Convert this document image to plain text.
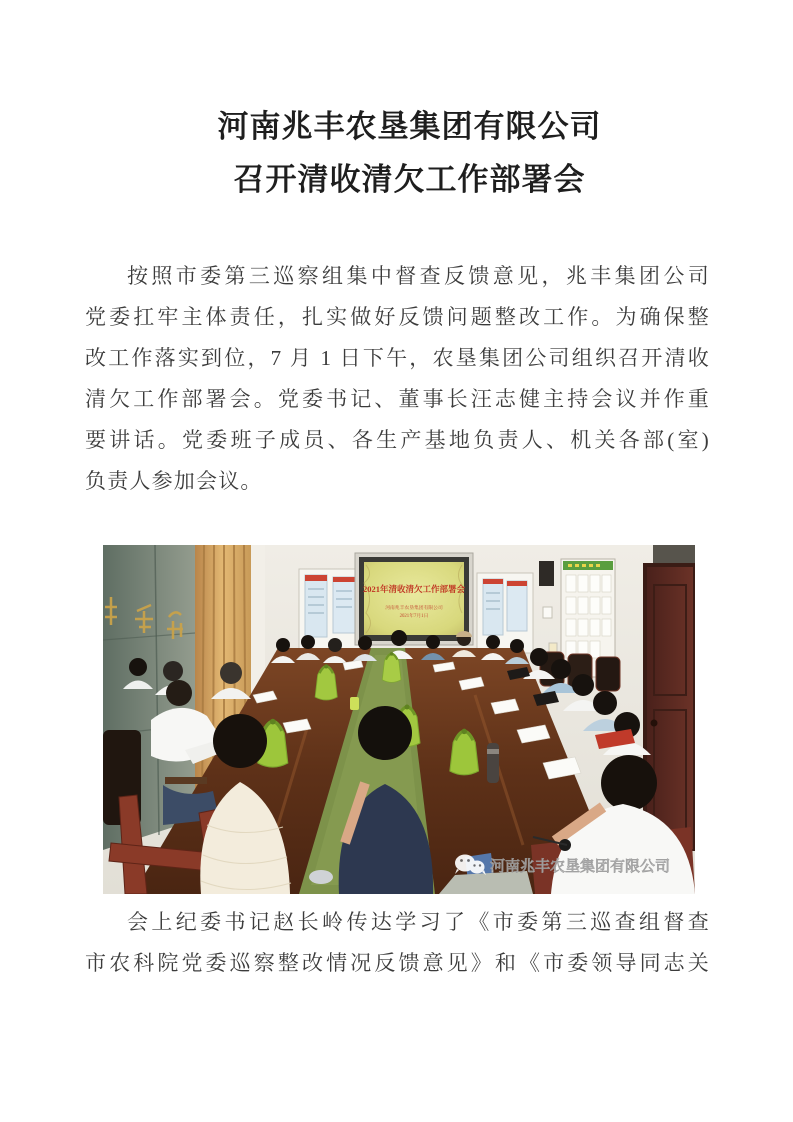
河南兆丰农垦集团有限公司
召开清收清欠工作部署会
按照市委第三巡察组集中督查反馈意见，兆丰集团公司
党委扛牢主体责任，扎实做好反馈问题整改工作。为确保整
改工作落实到位，7 月 1 日下午，农垦集团公司组织召开清收
清欠工作部署会。党委书记、董事长汪志健主持会议并作重
要讲话。党委班子成员、各生产基地负责人、机关各部(室)
负责人参加会议。
2021年清收清欠工作部署会
河南兆丰农垦集团有限公司
2021年7月1日
河南兆丰农垦集团有限公司
会上纪委书记赵长岭传达学习了《市委第三巡查组督查
市农科院党委巡察整改情况反馈意见》和《市委领导同志关
